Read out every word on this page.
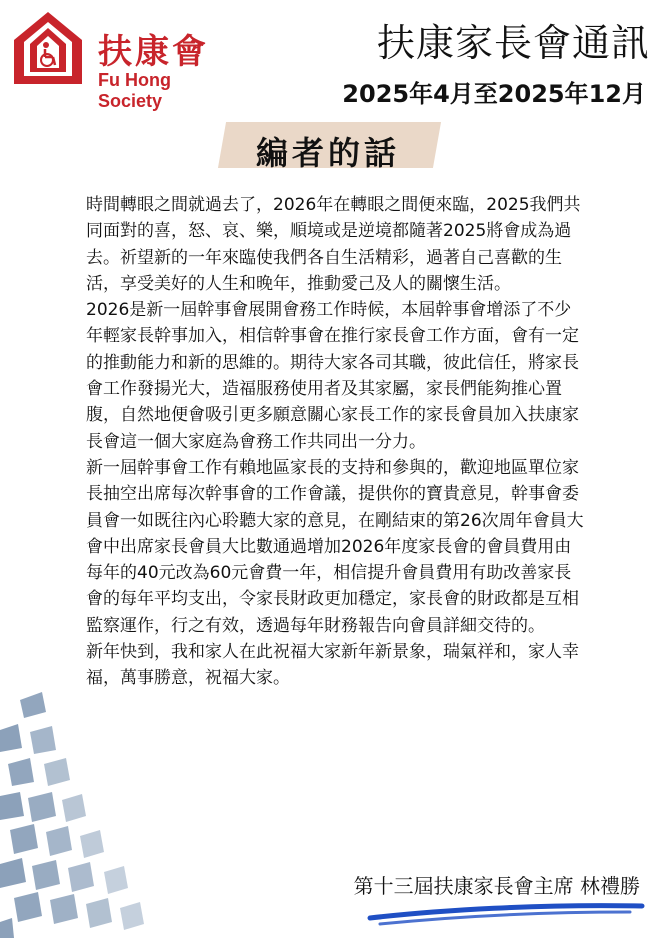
扶康會
Fu Hong Society
扶康家長會通訊
2025年4月至2025年12月
編者的話

時間轉眼之間就過去了，2026年在轉眼之間便來臨，2025我們共同面對的喜，怒、哀、樂，順境或是逆境都隨著2025將會成為過去。祈望新的一年來臨使我們各自生活精彩，過著自己喜歡的生活，享受美好的人生和晚年，推動愛己及人的關懷生活。

2026是新一屆幹事會展開會務工作時候，本屆幹事會增添了不少年輕家長幹事加入，相信幹事會在推行家長會工作方面，會有一定的推動能力和新的思維的。期待大家各司其職，彼此信任，將家長會工作發揚光大，造福服務使用者及其家屬，家長們能夠推心置腹，自然地便會吸引更多願意關心家長工作的家長會員加入扶康家長會這一個大家庭為會務工作共同出一分力。

新一屆幹事會工作有賴地區家長的支持和參與的，歡迎地區單位家長抽空出席每次幹事會的工作會議，提供你的寶貴意見，幹事會委員會一如既往內心聆聽大家的意見，在剛結束的第26次周年會員大會中出席家長會員大比數通過增加2026年度家長會的會員費用由每年的40元改為60元會費一年，相信提升會員費用有助改善家長會的每年平均支出，令家長財政更加穩定，家長會的財政都是互相監察運作，行之有效，透過每年財務報告向會員詳細交待的。

新年快到，我和家人在此祝福大家新年新景象，瑞氣祥和，家人幸福，萬事勝意，祝福大家。

第十三屆扶康家長會主席 林禮勝
